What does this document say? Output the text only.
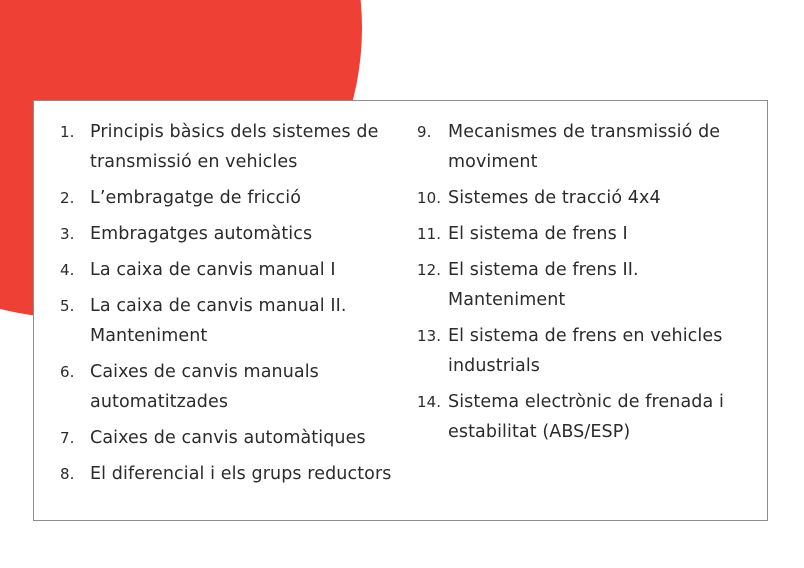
1. Principis bàsics dels sistemes de transmissió en vehicles
2. L’embragatge de fricció
3. Embragatges automàtics
4. La caixa de canvis manual I
5. La caixa de canvis manual II. Manteniment
6. Caixes de canvis manuals automatitzades
7. Caixes de canvis automàtiques
8. El diferencial i els grups reductors
9. Mecanismes de transmissió de moviment
10. Sistemes de tracció 4x4
11. El sistema de frens I
12. El sistema de frens II. Manteniment
13. El sistema de frens en vehicles industrials
14. Sistema electrònic de frenada i estabilitat (ABS/ESP)
